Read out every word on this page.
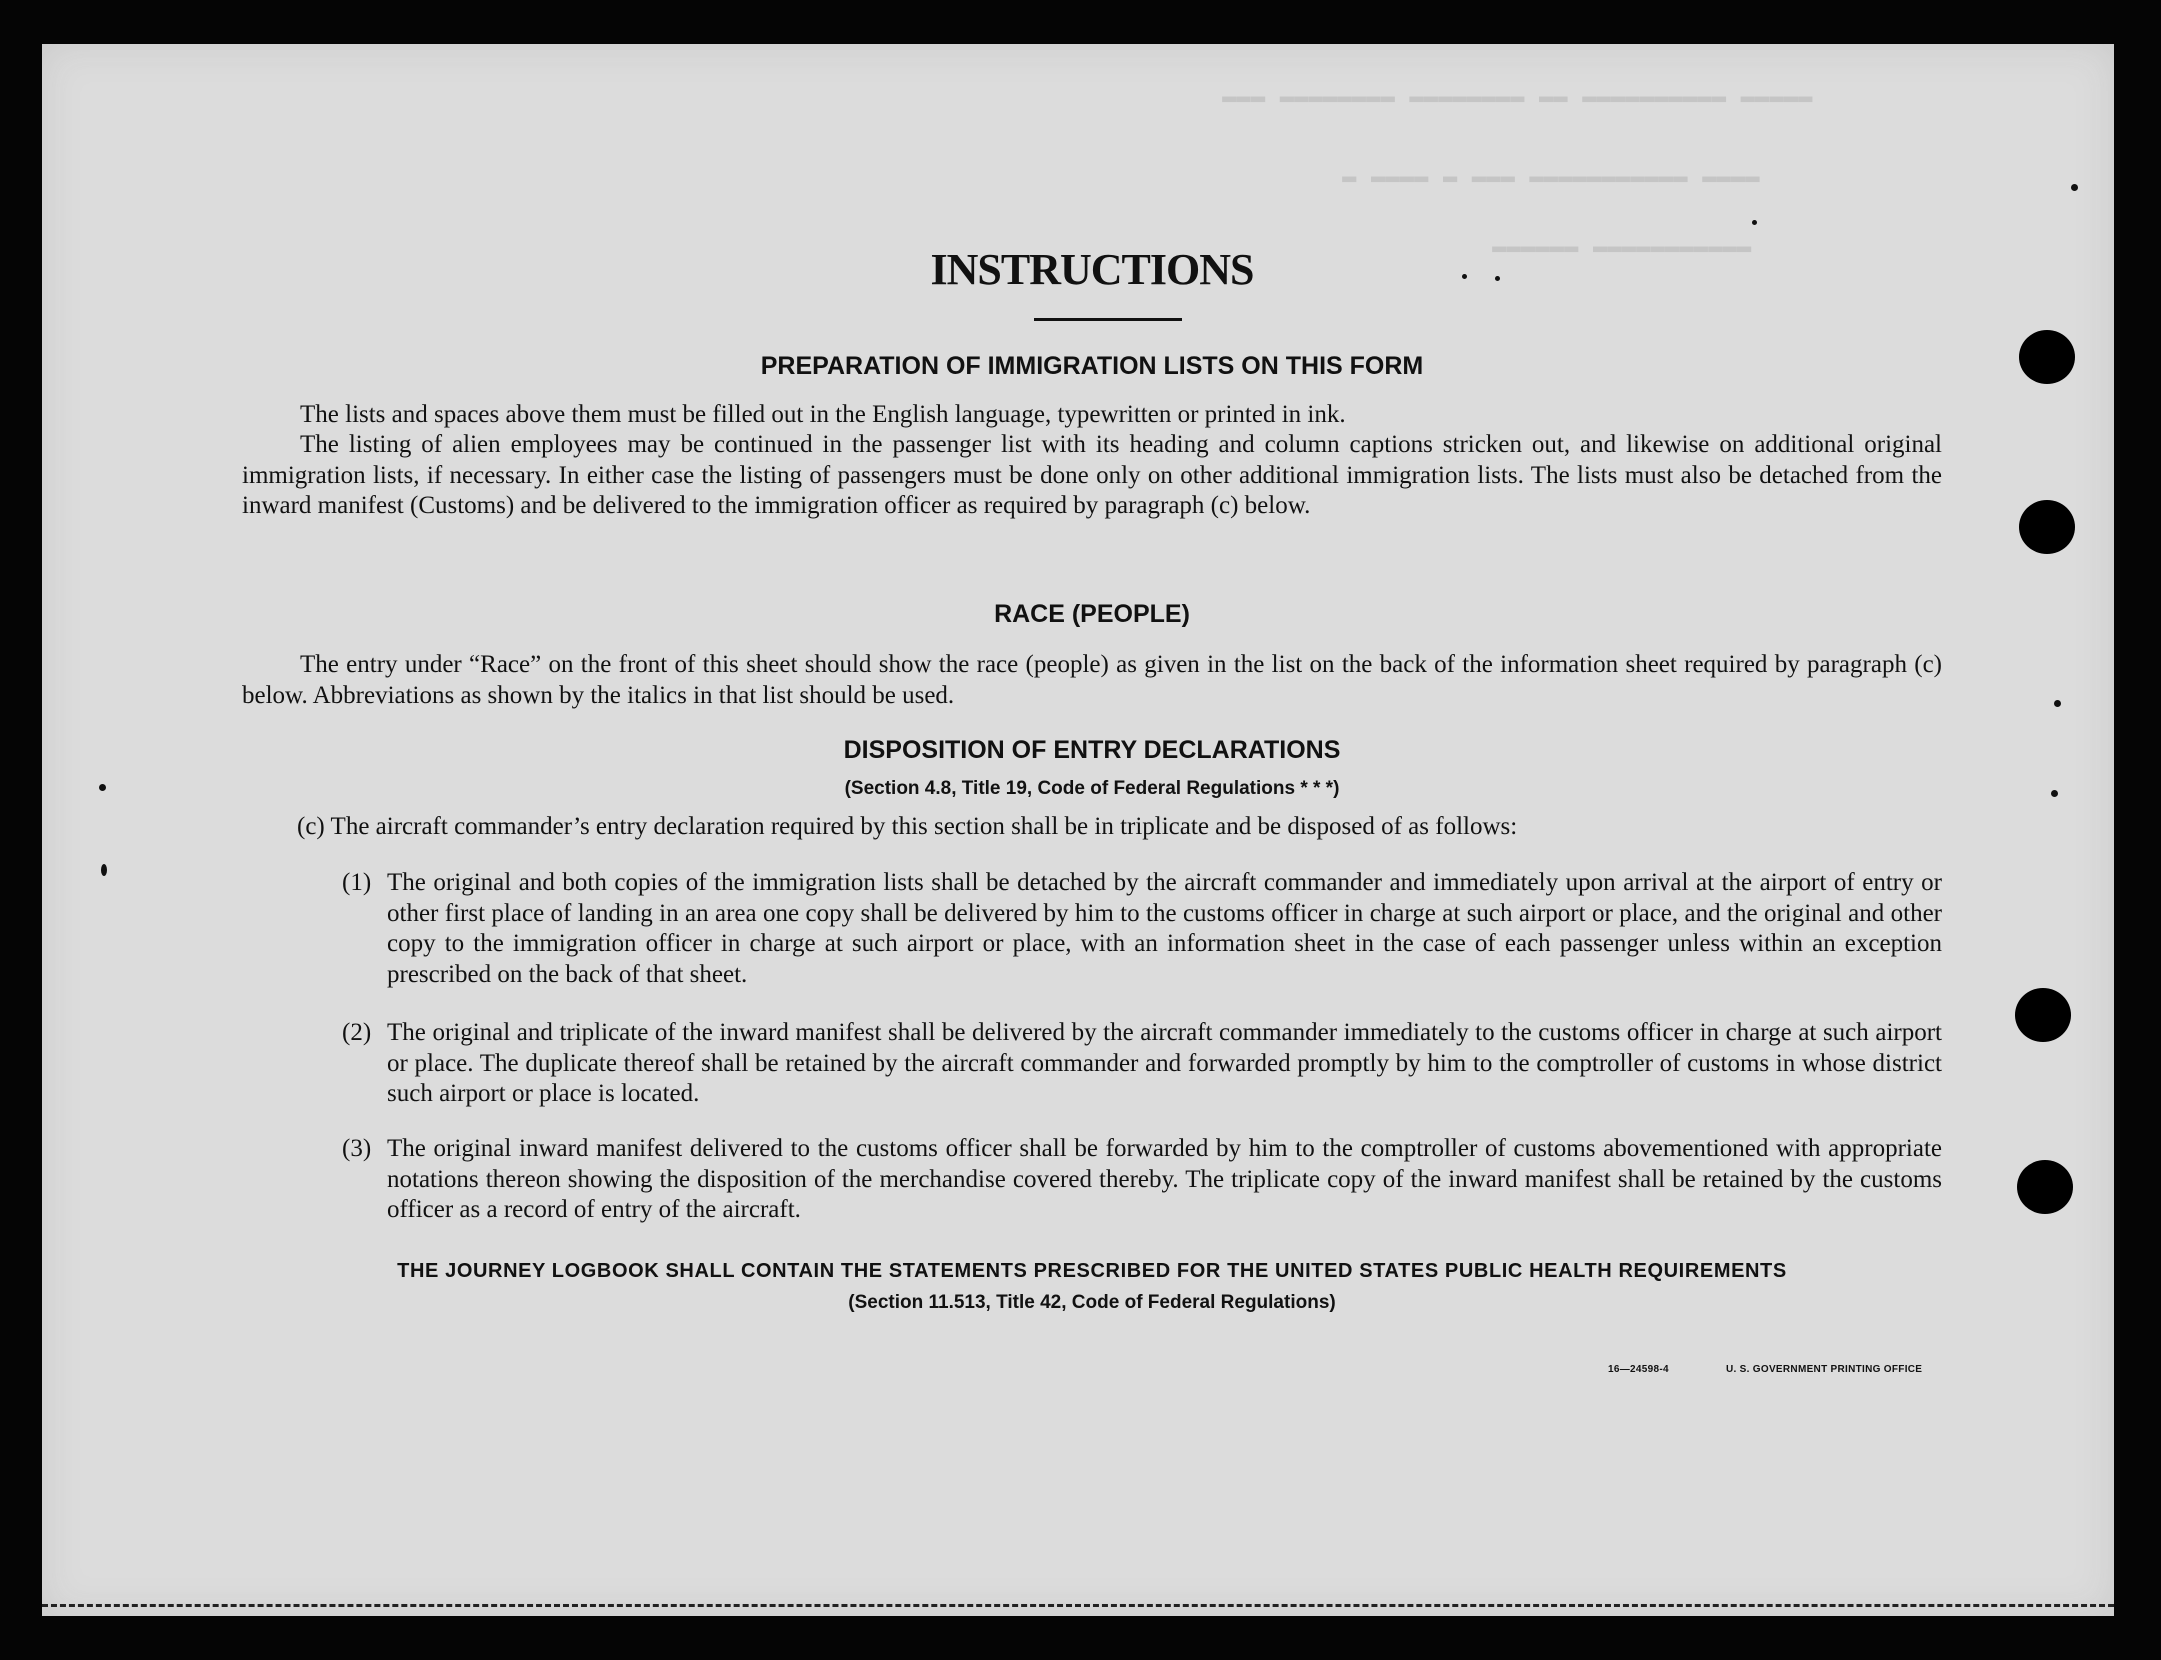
▬▬▬▬▬ ▬▬▬▬▬▬▬▬▬▬ ▬▬ ▬▬▬▬▬▬▬▬ ▬▬▬▬▬▬▬▬ ▬▬▬
▬▬▬▬ ▬▬▬▬▬▬▬▬▬▬▬ ▬▬▬ ▬ ▬▬▬▬ ▬
▬▬▬▬▬▬▬▬▬▬▬ ▬▬▬▬▬▬
INSTRUCTIONS
PREPARATION OF IMMIGRATION LISTS ON THIS FORM
The lists and spaces above them must be filled out in the English language, typewritten or printed in ink.
The listing of alien employees may be continued in the passenger list with its heading and column captions stricken out, and likewise on additional original immigration lists, if necessary. In either case the listing of passengers must be done only on other additional immigration lists. The lists must also be detached from the inward manifest (Customs) and be delivered to the immigration officer as required by paragraph (c) below.
RACE (PEOPLE)
The entry under “Race” on the front of this sheet should show the race (people) as given in the list on the back of the information sheet required by paragraph (c) below. Abbreviations as shown by the italics in that list should be used.
DISPOSITION OF ENTRY DECLARATIONS
(Section 4.8, Title 19, Code of Federal Regulations * * *)
(c) The aircraft commander’s entry declaration required by this section shall be in triplicate and be disposed of as follows:
(1) The original and both copies of the immigration lists shall be detached by the aircraft commander and immediately upon arrival at the airport of entry or other first place of landing in an area one copy shall be delivered by him to the customs officer in charge at such airport or place, and the original and other copy to the immigration officer in charge at such airport or place, with an information sheet in the case of each passenger unless within an exception prescribed on the back of that sheet.
(2) The original and triplicate of the inward manifest shall be delivered by the aircraft commander immediately to the customs officer in charge at such airport or place. The duplicate thereof shall be retained by the aircraft commander and forwarded promptly by him to the comptroller of customs in whose district such airport or place is located.
(3) The original inward manifest delivered to the customs officer shall be forwarded by him to the comptroller of customs abovementioned with appropriate notations thereon showing the disposition of the merchandise covered thereby. The triplicate copy of the inward manifest shall be retained by the customs officer as a record of entry of the aircraft.
THE JOURNEY LOGBOOK SHALL CONTAIN THE STATEMENTS PRESCRIBED FOR THE UNITED STATES PUBLIC HEALTH REQUIREMENTS
(Section 11.513, Title 42, Code of Federal Regulations)
16—24598-4	U. S. GOVERNMENT PRINTING OFFICE
